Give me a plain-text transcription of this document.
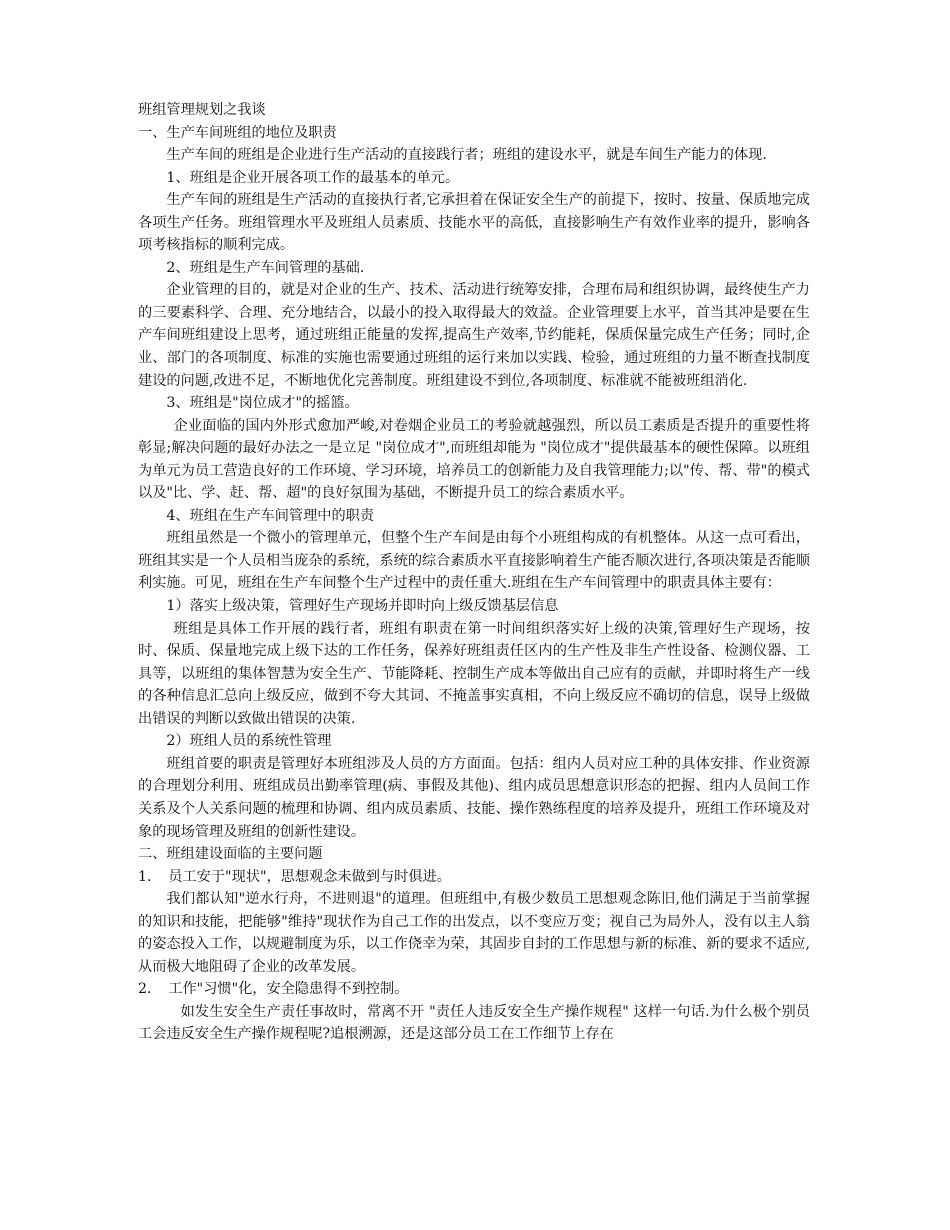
班组管理规划之我谈

一、生产车间班组的地位及职责

生产车间的班组是企业进行生产活动的直接践行者；班组的建设水平，就是车间生产能力的体现.

1、班组是企业开展各项工作的最基本的单元。

生产车间的班组是生产活动的直接执行者,它承担着在保证安全生产的前提下，按时、按量、保质地完成各项生产任务。班组管理水平及班组人员素质、技能水平的高低，直接影响生产有效作业率的提升，影响各项考核指标的顺利完成。

2、班组是生产车间管理的基础.

企业管理的目的，就是对企业的生产、技术、活动进行统筹安排，合理布局和组织协调，最终使生产力的三要素科学、合理、充分地结合，以最小的投入取得最大的效益。企业管理要上水平，首当其冲是要在生产车间班组建设上思考，通过班组正能量的发挥,提高生产效率,节约能耗，保质保量完成生产任务；同时,企业、部门的各项制度、标准的实施也需要通过班组的运行来加以实践、检验，通过班组的力量不断查找制度建设的问题,改进不足，不断地优化完善制度。班组建设不到位,各项制度、标准就不能被班组消化.

3、班组是"岗位成才"的摇篮。

企业面临的国内外形式愈加严峻,对卷烟企业员工的考验就越强烈，所以员工素质是否提升的重要性将彰显;解决问题的最好办法之一是立足 "岗位成才",而班组却能为 "岗位成才"提供最基本的硬性保障。以班组为单元为员工营造良好的工作环境、学习环境，培养员工的创新能力及自我管理能力;以"传、帮、带"的模式以及"比、学、赶、帮、超"的良好氛围为基础，不断提升员工的综合素质水平。

4、班组在生产车间管理中的职责

班组虽然是一个微小的管理单元，但整个生产车间是由每个小班组构成的有机整体。从这一点可看出，班组其实是一个人员相当庞杂的系统，系统的综合素质水平直接影响着生产能否顺次进行,各项决策是否能顺利实施。可见，班组在生产车间整个生产过程中的责任重大.班组在生产车间管理中的职责具体主要有：

1）落实上级决策，管理好生产现场并即时向上级反馈基层信息

班组是具体工作开展的践行者，班组有职责在第一时间组织落实好上级的决策,管理好生产现场，按时、保质、保量地完成上级下达的工作任务，保养好班组责任区内的生产性及非生产性设备、检测仪器、工具等，以班组的集体智慧为安全生产、节能降耗、控制生产成本等做出自己应有的贡献，并即时将生产一线的各种信息汇总向上级反应，做到不夸大其词、不掩盖事实真相，不向上级反应不确切的信息，误导上级做出错误的判断以致做出错误的决策.

2）班组人员的系统性管理

班组首要的职责是管理好本班组涉及人员的方方面面。包括：组内人员对应工种的具体安排、作业资源的合理划分利用、班组成员出勤率管理(病、事假及其他)、组内成员思想意识形态的把握、组内人员间工作关系及个人关系问题的梳理和协调、组内成员素质、技能、操作熟练程度的培养及提升，班组工作环境及对象的现场管理及班组的创新性建设。

二、班组建设面临的主要问题

1．　员工安于"现状"，思想观念未做到与时俱进。

我们都认知"逆水行舟，不进则退"的道理。但班组中,有极少数员工思想观念陈旧,他们满足于当前掌握的知识和技能，把能够"维持"现状作为自己工作的出发点，以不变应万变；视自己为局外人，没有以主人翁的姿态投入工作，以规避制度为乐，以工作侥幸为荣，其固步自封的工作思想与新的标准、新的要求不适应,从而极大地阻碍了企业的改革发展。

2．　工作"习惯"化，安全隐患得不到控制。

如发生安全生产责任事故时，常离不开 "责任人违反安全生产操作规程" 这样一句话.为什么极个别员工会违反安全生产操作规程呢?追根溯源，还是这部分员工在工作细节上存在
